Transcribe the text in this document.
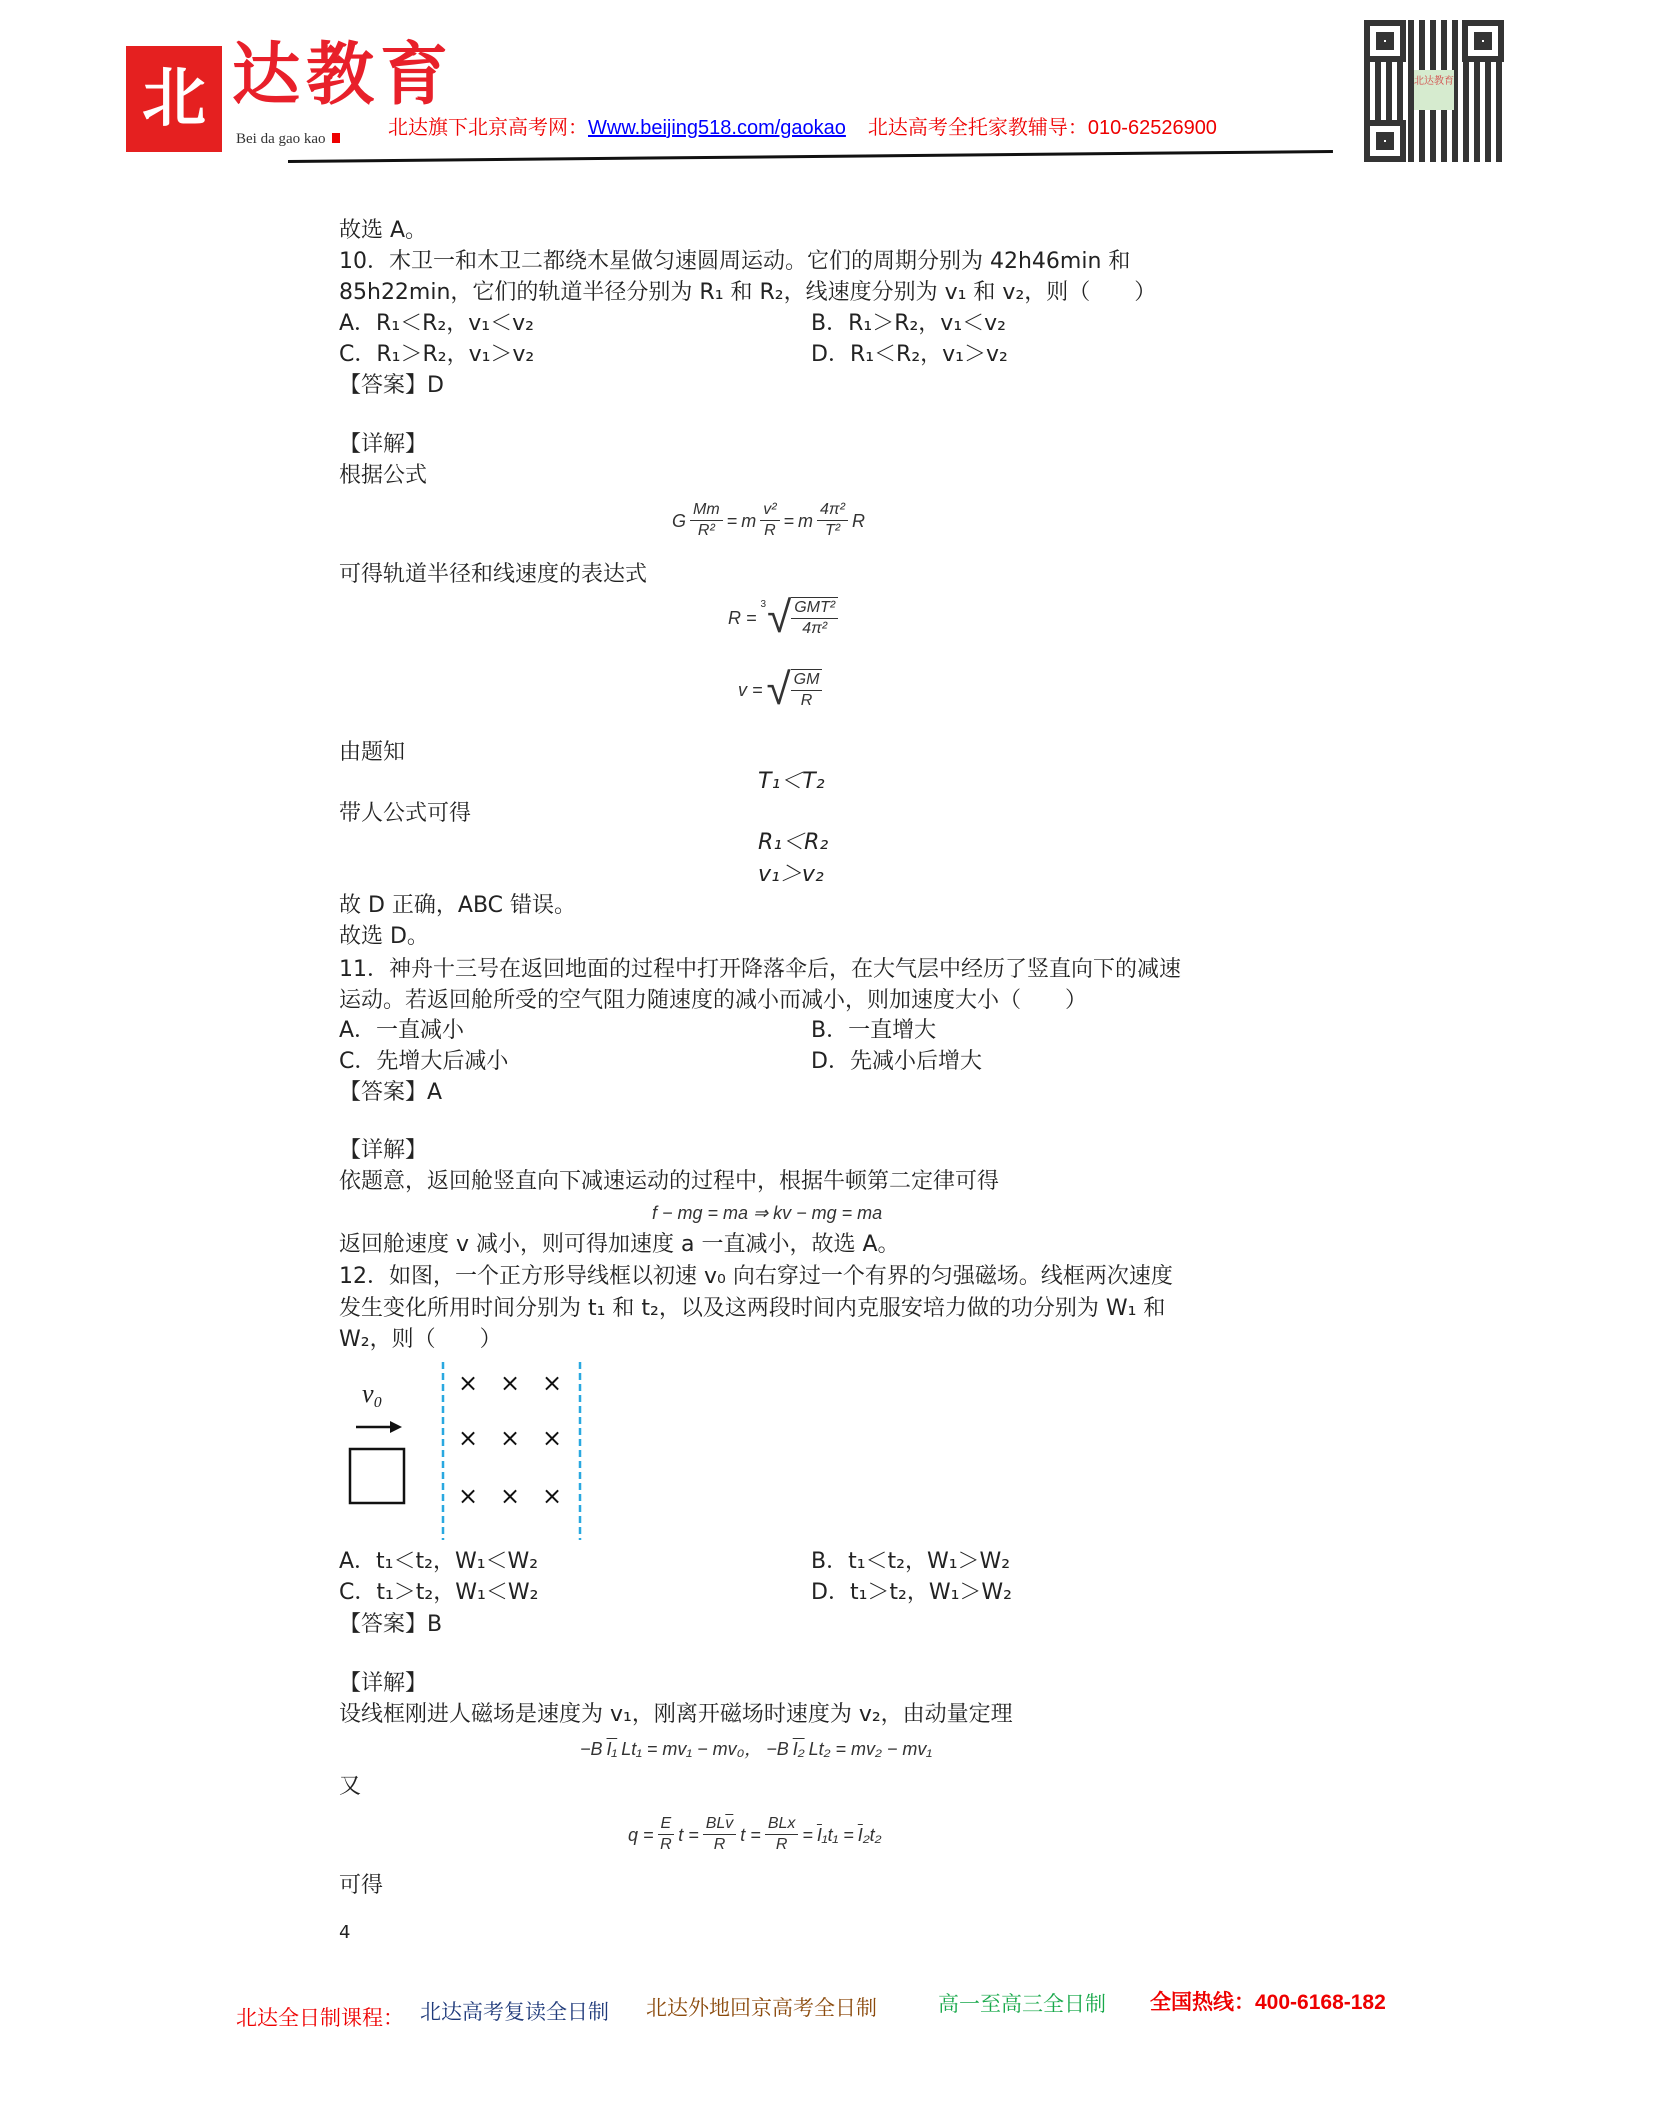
北 达教育
Bei da gao kao	北达旗下北京高考网：Www.beijing518.com/gaokao 北达高考全托家教辅导：010-62526900
北达教育
故选 A。
10．木卫一和木卫二都绕木星做匀速圆周运动。它们的周期分别为 42h46min 和
85h22min，它们的轨道半径分别为 R₁ 和 R₂，线速度分别为 v₁ 和 v₂，则（　　）
A．R₁＜R₂，v₁＜v₂	B．R₁＞R₂，v₁＜v₂
C．R₁＞R₂，v₁＞v₂	D．R₁＜R₂，v₁＞v₂
【答案】D
【详解】
根据公式
G $\frac{Mm}{\text{R²}} = m \frac{\text{v²}}{R} = m \frac{\text{4π²}}{\text{T²}}$ R
可得轨道半径和线速度的表达式
R =
3 √ $\frac{\text{GMT²}}{\text{4π²}}$
v = √ $\frac{GM}{R}$
由题知
T₁＜T₂
带人公式可得
R₁＜R₂
v₁＞v₂
故 D 正确，ABC 错误。
故选 D。
11．神舟十三号在返回地面的过程中打开降落伞后，在大气层中经历了竖直向下的减速
运动。若返回舱所受的空气阻力随速度的减小而减小，则加速度大小（　　）
A．一直减小	B．一直增大
C．先增大后减小	D．先减小后增大
【答案】A
【详解】
依题意，返回舱竖直向下减速运动的过程中，根据牛顿第二定律可得
f − mg = ma ⇒ kv − mg = ma
返回舱速度 v 减小，则可得加速度 a 一直减小，故选 A。
12．如图，一个正方形导线框以初速 v₀ 向右穿过一个有界的匀强磁场。线框两次速度
发生变化所用时间分别为 t₁ 和 t₂，以及这两段时间内克服安培力做的功分别为 W₁ 和
W₂，则（　　）
v₀	× × ×
× × ×
× × ×
A．t₁＜t₂，W₁＜W₂	B．t₁＜t₂，W₁＞W₂
C．t₁＞t₂，W₁＜W₂	D．t₁＞t₂，W₁＞W₂
【答案】B
【详解】
设线框刚进人磁场是速度为 v₁，刚离开磁场时速度为 v₂，由动量定理
−B I₁ Lt₁ = mv₁ − mv₀， −B I₂ Lt₂ = mv₂ − mv₁
又
$q = \frac{E}{R}$ $t = \frac{BL\overline{v}}{R}$ $t = \frac{\text{BLx}}{R} = \overline{I}_1t_1 = \overline{I}_2t_2$
可得
4
北达全日制课程： 北达高考复读全日制 北达外地回京高考全日制	高一至高三全日制 全国热线：400-6168-182
